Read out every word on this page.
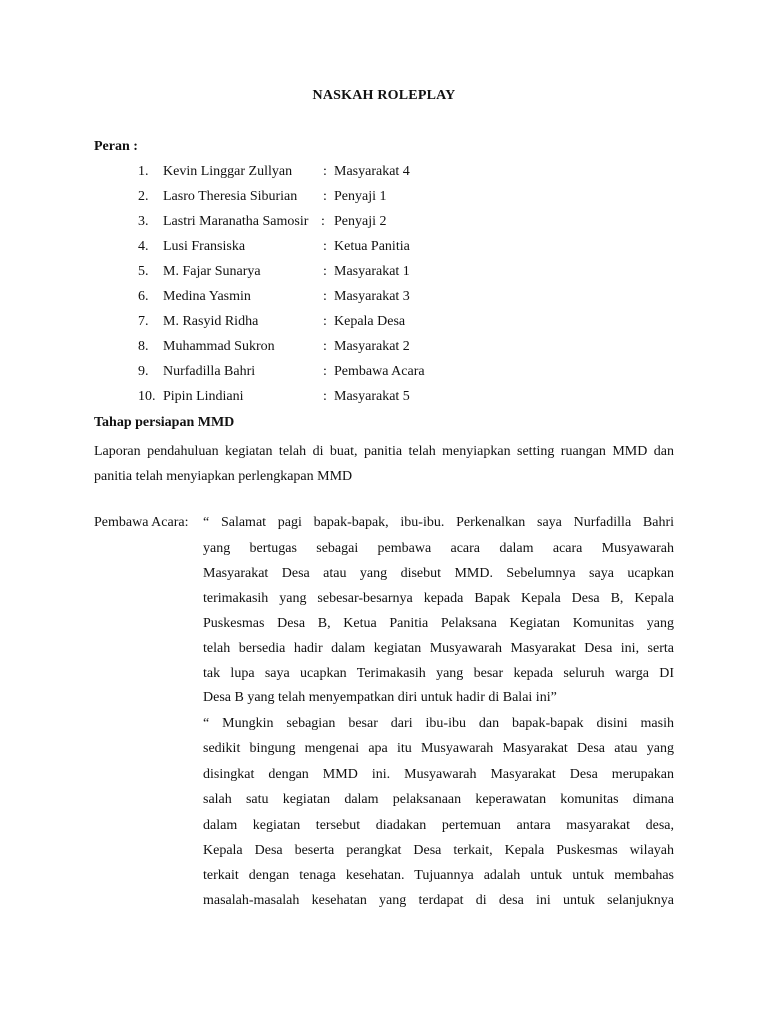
NASKAH ROLEPLAY
Peran :
1.	Kevin Linggar Zullyan : Masyarakat 4
2.	Lasro Theresia Siburian : Penyaji 1
3.	Lastri Maranatha Samosir : Penyaji 2
4.	Lusi Fransiska	: Ketua Panitia
5.	M. Fajar Sunarya	: Masyarakat 1
6.	Medina Yasmin	: Masyarakat 3
7.	M. Rasyid Ridha	: Kepala Desa
8.	Muhammad Sukron	: Masyarakat 2
9.	Nurfadilla Bahri	: Pembawa Acara
10. Pipin Lindiani	: Masyarakat 5
Tahap persiapan MMD
Laporan pendahuluan kegiatan telah di buat, panitia telah menyiapkan setting ruangan MMD dan panitia telah menyiapkan perlengkapan MMD
Pembawa Acara: “ Salamat pagi bapak-bapak, ibu-ibu. Perkenalkan saya Nurfadilla Bahri
yang bertugas sebagai pembawa acara dalam acara Musyawarah
Masyarakat Desa atau yang disebut MMD. Sebelumnya saya ucapkan
terimakasih yang sebesar-besarnya kepada Bapak Kepala Desa B, Kepala
Puskesmas Desa B, Ketua Panitia Pelaksana Kegiatan Komunitas yang
telah bersedia hadir dalam kegiatan Musyawarah Masyarakat Desa ini, serta
tak lupa saya ucapkan Terimakasih yang besar kepada seluruh warga DI
Desa B yang telah menyempatkan diri untuk hadir di Balai ini”
“ Mungkin sebagian besar dari ibu-ibu dan bapak-bapak disini masih
sedikit bingung mengenai apa itu Musyawarah Masyarakat Desa atau yang
disingkat dengan MMD ini. Musyawarah Masyarakat Desa merupakan
salah satu kegiatan dalam pelaksanaan keperawatan komunitas dimana
dalam kegiatan tersebut diadakan pertemuan antara masyarakat desa,
Kepala Desa beserta perangkat Desa terkait, Kepala Puskesmas wilayah
terkait dengan tenaga kesehatan. Tujuannya adalah untuk untuk membahas
masalah-masalah kesehatan yang terdapat di desa ini untuk selanjuknya
